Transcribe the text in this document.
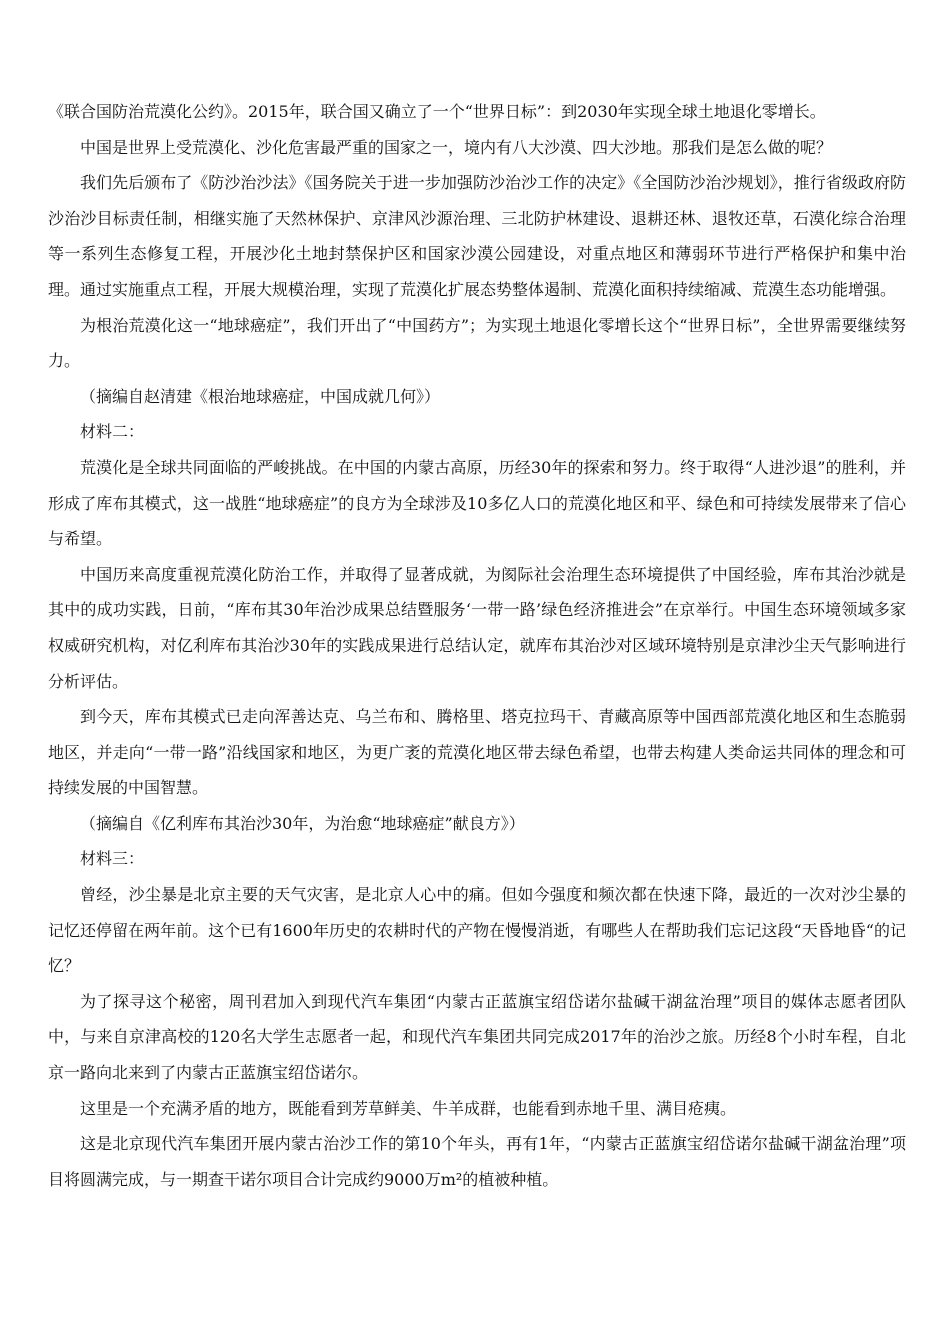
《联合国防治荒漠化公约》。2015年，联合国又确立了一个“世界日标”：到2030年实现全球土地退化零增长。

中国是世界上受荒漠化、沙化危害最严重的国家之一，境内有八大沙漠、四大沙地。那我们是怎么做的呢？

我们先后颁布了《防沙治沙法》《国务院关于进一步加强防沙治沙工作的决定》《全国防沙治沙规划》，推行省级政府防沙治沙目标责任制，相继实施了天然林保护、京津风沙源治理、三北防护林建设、退耕还林、退牧还草，石漠化综合治理等一系列生态修复工程，开展沙化土地封禁保护区和国家沙漠公园建设，对重点地区和薄弱环节进行严格保护和集中治理。通过实施重点工程，开展大规模治理，实现了荒漠化扩展态势整体遏制、荒漠化面积持续缩减、荒漠生态功能增强。

为根治荒漠化这一“地球癌症”，我们开出了“中国药方”；为实现土地退化零增长这个“世界日标”，全世界需要继续努力。

（摘编自赵清建《根治地球癌症，中国成就几何》）

材料二：

荒漠化是全球共同面临的严峻挑战。在中国的内蒙古高原，历经30年的探索和努力。终于取得“人进沙退”的胜利，并形成了库布其模式，这一战胜“地球癌症”的良方为全球涉及10多亿人口的荒漠化地区和平、绿色和可持续发展带来了信心与希望。

中国历来高度重视荒漠化防治工作，并取得了显著成就，为阂际社会治理生态环境提供了中国经验，库布其治沙就是其中的成功实践，日前，“库布其30年治沙成果总结暨服务‘一带一路’绿色经济推进会”在京举行。中国生态环境领域多家权威研究机构，对亿利库布其治沙30年的实践成果进行总结认定，就库布其治沙对区域环境特别是京津沙尘天气影响进行分析评估。

到今天，库布其模式已走向浑善达克、乌兰布和、腾格里、塔克拉玛干、青藏高原等中国西部荒漠化地区和生态脆弱地区，并走向“一带一路”沿线国家和地区，为更广袤的荒漠化地区带去绿色希望，也带去构建人类命运共同体的理念和可持续发展的中国智慧。

（摘编自《亿利库布其治沙30年，为治愈“地球癌症”献良方》）

材料三：

曾经，沙尘暴是北京主要的天气灾害，是北京人心中的痛。但如今强度和频次都在快速下降，最近的一次对沙尘暴的记忆还停留在两年前。这个已有1600年历史的农耕时代的产物在慢慢消逝，有哪些人在帮助我们忘记这段“天昏地昏“的记忆？

为了探寻这个秘密，周刊君加入到现代汽车集团“内蒙古正蓝旗宝绍岱诺尔盐碱干湖盆治理”项目的媒体志愿者团队中，与来自京津高校的120名大学生志愿者一起，和现代汽车集团共同完成2017年的治沙之旅。历经8个小时车程，自北京一路向北来到了内蒙古正蓝旗宝绍岱诺尔。

这里是一个充满矛盾的地方，既能看到芳草鲜美、牛羊成群，也能看到赤地千里、满目疮痍。

这是北京现代汽车集团开展内蒙古治沙工作的第10个年头，再有1年，“内蒙古正蓝旗宝绍岱诺尔盐碱干湖盆治理”项目将圆满完成，与一期查干诺尔项目合计完成约9000万m²的植被种植。
